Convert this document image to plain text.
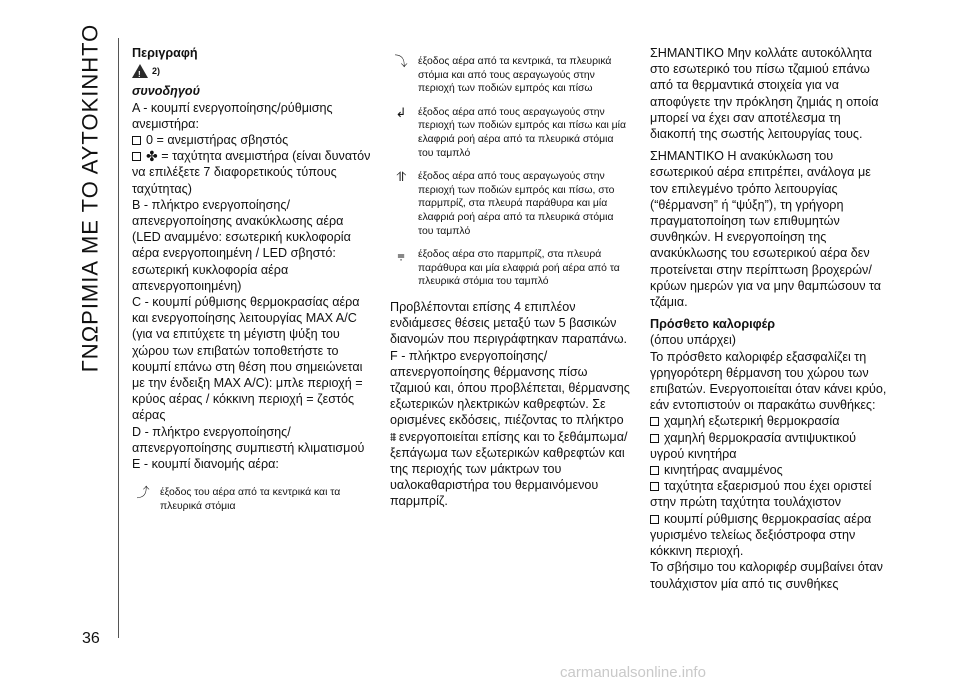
ΓΝΩΡΙΜΙΑ ΜΕ ΤΟ ΑΥΤΟΚΙΝΗΤΟ
36

Περιγραφή

! 2)

συνοδηγού

A - κουμπί ενεργοποίησης/ρύθμισης ανεμιστήρα:

0 = ανεμιστήρας σβηστός

✤ = ταχύτητα ανεμιστήρα (είναι δυνατόν να επιλέξετε 7 διαφορετικούς τύπους ταχύτητας)

B - πλήκτρο ενεργοποίησης/απενεργοποίησης ανακύκλωσης αέρα (LED αναμμένο: εσωτερική κυκλοφορία αέρα ενεργοποιημένη / LED σβηστό: εσωτερική κυκλοφορία αέρα απενεργοποιημένη)

C - κουμπί ρύθμισης θερμοκρασίας αέρα και ενεργοποίησης λειτουργίας MAX A/C (για να επιτύχετε τη μέγιστη ψύξη του χώρου των επιβατών τοποθετήστε το κουμπί επάνω στη θέση που σημειώνεται με την ένδειξη MAX A/C): μπλε περιοχή = κρύος αέρας / κόκκινη περιοχή = ζεστός αέρας

D - πλήκτρο ενεργοποίησης/απενεργοποίησης συμπιεστή κλιματισμού

E - κουμπί διανομής αέρα:

⤴	έξοδος του αέρα από τα κεντρικά και τα πλευρικά στόμια
⤵	έξοδος αέρα από τα κεντρικά, τα πλευρικά στόμια και από τους αεραγωγούς στην περιοχή των ποδιών εμπρός και πίσω
↲	έξοδος αέρα από τους αεραγωγούς στην περιοχή των ποδιών εμπρός και πίσω και μία ελαφριά ροή αέρα από τα πλευρικά στόμια του ταμπλό
⥣	έξοδος αέρα από τους αεραγωγούς στην περιοχή των ποδιών εμπρός και πίσω, στο παρμπρίζ, στα πλευρά παράθυρα και μία ελαφριά ροή αέρα από τα πλευρικά στόμια του ταμπλό
⩦	έξοδος αέρα στο παρμπρίζ, στα πλευρά παράθυρα και μία ελαφριά ροή αέρα από τα πλευρικά στόμια του ταμπλό

Προβλέπονται επίσης 4 επιπλέον ενδιάμεσες θέσεις μεταξύ των 5 βασικών διανομών που περιγράφτηκαν παραπάνω.

F - πλήκτρο ενεργοποίησης/απενεργοποίησης θέρμανσης πίσω τζαμιού και, όπου προβλέπεται, θέρμανσης εξωτερικών ηλεκτρικών καθρεφτών. Σε ορισμένες εκδόσεις, πιέζοντας το πλήκτρο

⩩ ενεργοποιείται επίσης και το ξεθάμπωμα/ξεπάγωμα των εξωτερικών καθρεφτών και της περιοχής των μάκτρων του υαλοκαθαριστήρα του θερμαινόμενου παρμπρίζ.

ΣΗΜΑΝΤΙΚΟ Μην κολλάτε αυτοκόλλητα στο εσωτερικό του πίσω τζαμιού επάνω από τα θερμαντικά στοιχεία για να αποφύγετε την πρόκληση ζημιάς η οποία μπορεί να έχει σαν αποτέλεσμα τη διακοπή της σωστής λειτουργίας τους.

ΣΗΜΑΝΤΙΚΟ Η ανακύκλωση του εσωτερικού αέρα επιτρέπει, ανάλογα με τον επιλεγμένο τρόπο λειτουργίας (“θέρμανση” ή “ψύξη”), τη γρήγορη πραγματοποίηση των επιθυμητών συνθηκών. Η ενεργοποίηση της ανακύκλωσης του εσωτερικού αέρα δεν προτείνεται στην περίπτωση βροχερών/κρύων ημερών για να μην θαμπώσουν τα τζάμια.

Πρόσθετο καλοριφέρ

(όπου υπάρχει)

Το πρόσθετο καλοριφέρ εξασφαλίζει τη γρηγορότερη θέρμανση του χώρου των επιβατών. Ενεργοποιείται όταν κάνει κρύο, εάν εντοπιστούν οι παρακάτω συνθήκες:

χαμηλή εξωτερική θερμοκρασία

χαμηλή θερμοκρασία αντιψυκτικού υγρού κινητήρα

κινητήρας αναμμένος

ταχύτητα εξαερισμού που έχει οριστεί στην πρώτη ταχύτητα τουλάχιστον

κουμπί ρύθμισης θερμοκρασίας αέρα γυρισμένο τελείως δεξιόστροφα στην κόκκινη περιοχή.

Το σβήσιμο του καλοριφέρ συμβαίνει όταν τουλάχιστον μία από τις συνθήκες

carmanualsonline.info
